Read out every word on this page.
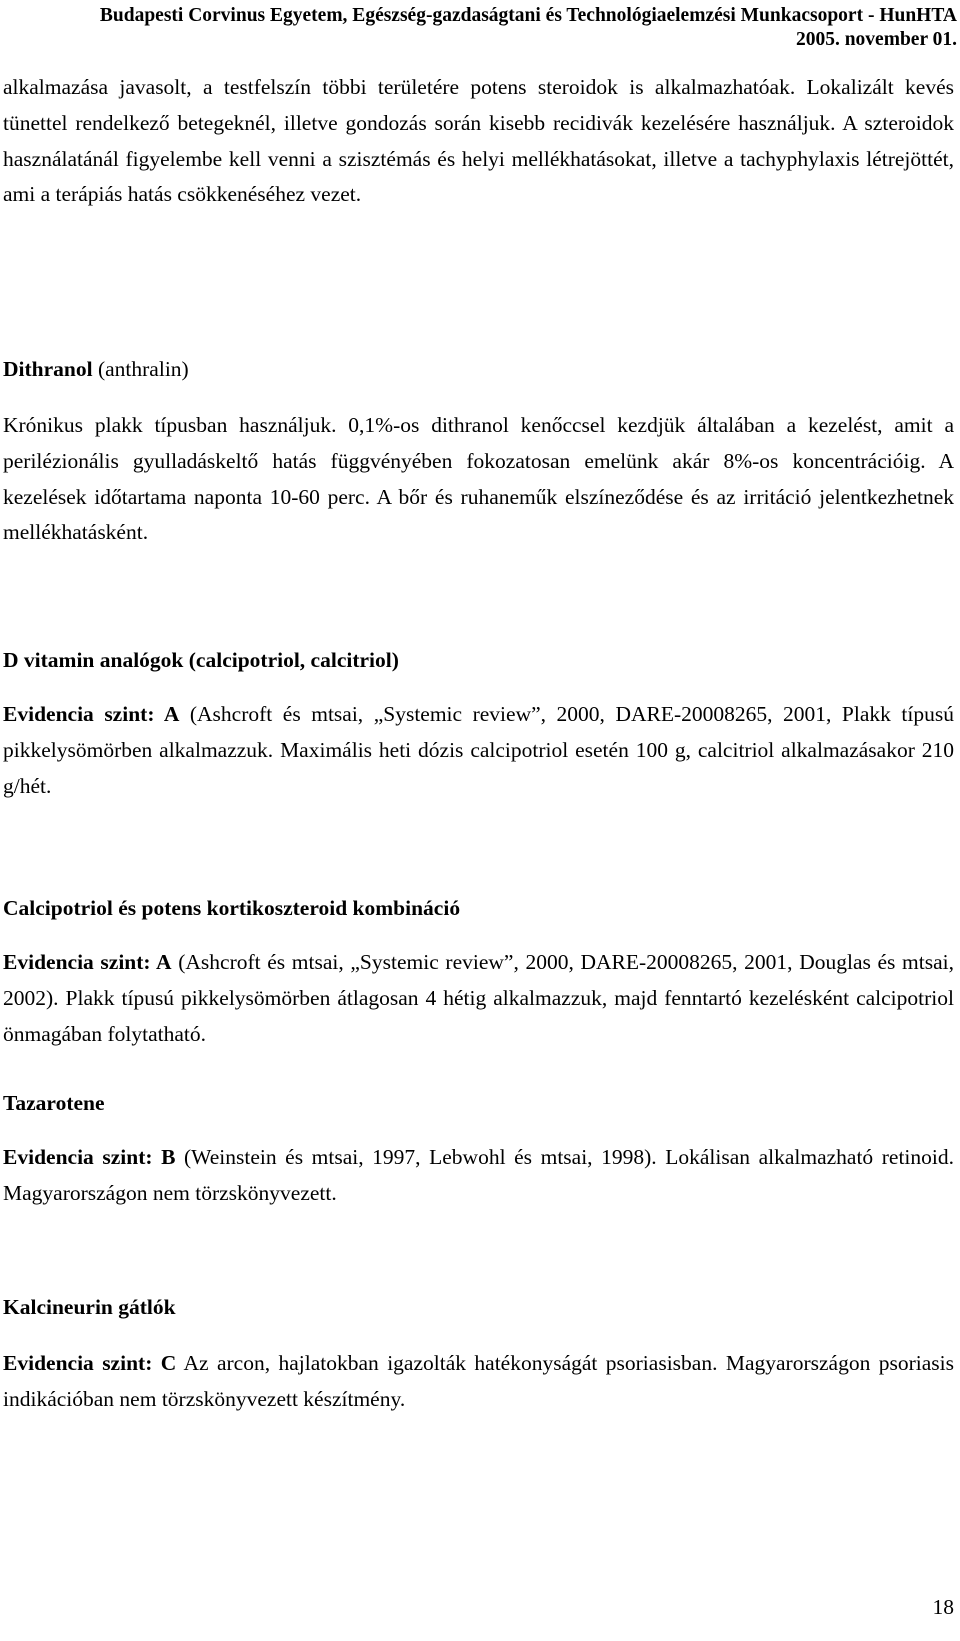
Budapesti Corvinus Egyetem, Egészség-gazdaságtani és Technológiaelemzési Munkacsoport - HunHTA
2005. november 01.

alkalmazása javasolt, a testfelszín többi területére potens steroidok is alkalmazhatóak. Lokalizált kevés tünettel rendelkező betegeknél, illetve gondozás során kisebb recidivák kezelésére használjuk. A szteroidok használatánál figyelembe kell venni a szisztémás és helyi mellékhatásokat, illetve a tachyphylaxis létrejöttét, ami a terápiás hatás csökkenéséhez vezet.

Dithranol (anthralin)

Krónikus plakk típusban használjuk. 0,1%-os dithranol kenőccsel kezdjük általában a kezelést, amit a perilézionális gyulladáskeltő hatás függvényében fokozatosan emelünk akár 8%-os koncentrációig. A kezelések időtartama naponta 10-60 perc. A bőr és ruhaneműk elszíneződése és az irritáció jelentkezhetnek mellékhatásként.

D vitamin analógok (calcipotriol, calcitriol)

Evidencia szint: A (Ashcroft és mtsai, „Systemic review”, 2000, DARE-20008265, 2001, Plakk típusú pikkelysömörben alkalmazzuk. Maximális heti dózis calcipotriol esetén 100 g, calcitriol alkalmazásakor 210 g/hét.

Calcipotriol és potens kortikoszteroid kombináció

Evidencia szint: A (Ashcroft és mtsai, „Systemic review”, 2000, DARE-20008265, 2001, Douglas és mtsai, 2002). Plakk típusú pikkelysömörben átlagosan 4 hétig alkalmazzuk, majd fenntartó kezelésként calcipotriol önmagában folytatható.

Tazarotene

Evidencia szint: B (Weinstein és mtsai, 1997, Lebwohl és mtsai, 1998). Lokálisan alkalmazható retinoid. Magyarországon nem törzskönyvezett.

Kalcineurin gátlók

Evidencia szint: C Az arcon, hajlatokban igazolták hatékonyságát psoriasisban. Magyarországon psoriasis indikációban nem törzskönyvezett készítmény.

18
